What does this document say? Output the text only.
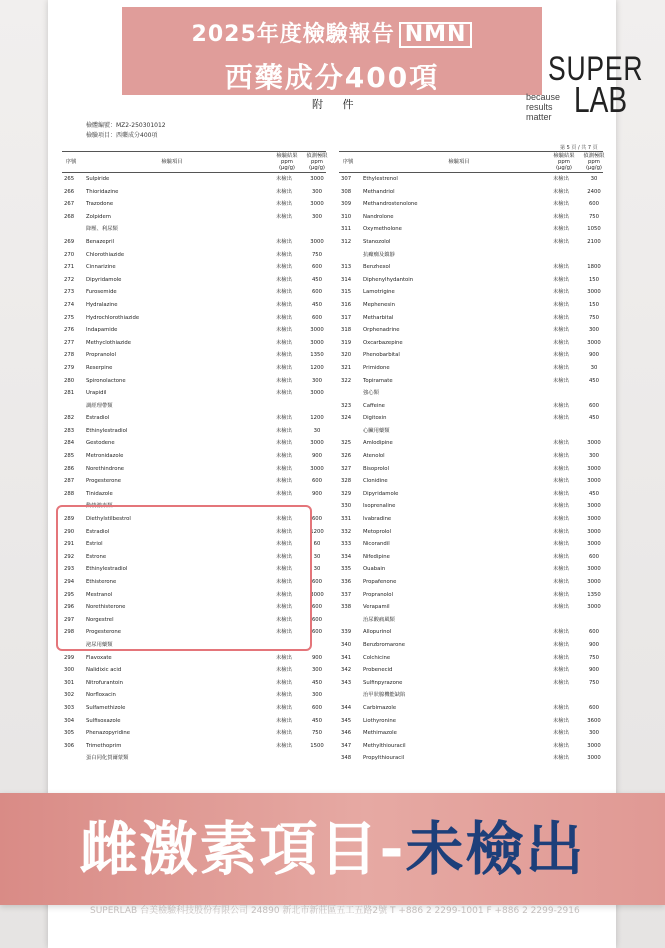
2025年度檢驗報告 NMN
西藥成分400項	SUPER
LAB
because
results
matter
附 件
檢體編號：MZ2-250301012
檢驗項目：西藥成分400項
第 5 頁 / 共 7 頁
序號	檢驗項目
檢驗結果
ppm
(μg/g)
偵測極限
ppm
(μg/g)
265	Sulpiride	未檢出	3000
266	Thioridazine	未檢出	300
267	Trazodone	未檢出	3000
268	Zolpidem	未檢出	300
降壓、利尿類
269	Benazepril	未檢出	3000
270	Chlorothiazide	未檢出	750
271	Cinnarizine	未檢出	600
272	Dipyridamole	未檢出	450
273	Furosemide	未檢出	600
274	Hydralazine	未檢出	450
275	Hydrochlorothiazide	未檢出	600
276	Indapamide	未檢出	3000
277	Methyclothiazide	未檢出	3000
278	Propranolol	未檢出	1350
279	Reserpine	未檢出	1200
280	Spironolactone	未檢出	300
281	Urapidil	未檢出	3000
調經理帶類
282	Estradiol	未檢出	1200
283	Ethinylestradiol	未檢出	30
284	Gestodene	未檢出	3000
285	Metronidazole	未檢出	900
286	Norethindrone	未檢出	3000
287	Progesterone	未檢出	600
288	Tinidazole	未檢出	900
動情激素類
289	Diethylstilbestrol	未檢出	600
290	Estradiol	未檢出	1200
291	Estriol	未檢出	60
292	Estrone	未檢出	30
293	Ethinylestradiol	未檢出	30
294	Ethisterone	未檢出	600
295	Mestranol	未檢出	3000
296	Norethisterone	未檢出	600
297	Norgestrel	未檢出	600
298	Progesterone	未檢出	600
泌尿用藥類
299	Flavoxate	未檢出	900
300	Nalidixic acid	未檢出	300
301	Nitrofurantoin	未檢出	450
302	Norfloxacin	未檢出	300
303	Sulfamethizole	未檢出	600
304	Sulfisoxazole	未檢出	450
305	Phenazopyridine	未檢出	750
306	Trimethoprim	未檢出	1500
蛋白同化賀爾蒙類
序號	檢驗項目
檢驗結果
ppm
(μg/g)
偵測極限
ppm
(μg/g)
307	Ethylestrenol	未檢出	30
308	Methandriol	未檢出	2400
309	Methandrostenolone	未檢出	600
310	Nandrolone	未檢出	750
311	Oxymetholone	未檢出	1050
312	Stanozolol	未檢出	2100
抗癲癇及鎮靜
313	Benzhexol	未檢出	1800
314	Diphenylhydantoin	未檢出	150
315	Lamotrigine	未檢出	3000
316	Mephenesin	未檢出	150
317	Metharbital	未檢出	750
318	Orphenadrine	未檢出	300
319	Oxcarbazepine	未檢出	3000
320	Phenobarbital	未檢出	900
321	Primidone	未檢出	30
322	Topiramate	未檢出	450
強心類
323	Caffeine	未檢出	600
324	Digitoxin	未檢出	450
心臟用藥類
325	Amlodipine	未檢出	3000
326	Atenolol	未檢出	300
327	Bisoprolol	未檢出	3000
328	Clonidine	未檢出	3000
329	Dipyridamole	未檢出	450
330	Isoprenaline	未檢出	3000
331	Ivabradine	未檢出	3000
332	Metoprolol	未檢出	3000
333	Nicorandil	未檢出	3000
334	Nifedipine	未檢出	600
335	Ouabain	未檢出	3000
336	Propafenone	未檢出	3000
337	Propranolol	未檢出	1350
338	Verapamil	未檢出	3000
治尿酸痛風類
339	Allopurinol	未檢出	600
340	Benzbromarone	未檢出	900
341	Colchicine	未檢出	750
342	Probenecid	未檢出	900
343	Sulfinpyrazone	未檢出	750
治甲狀腺機能缺陷
344	Carbimazole	未檢出	600
345	Liothyronine	未檢出	3600
346	Methimazole	未檢出	300
347	Methylthiouracil	未檢出	3000
348	Propylthiouracil	未檢出	3000
SUPERLAB 台美檢驗科技股份有限公司 24890 新北市新莊區五工五路2號 T +886 2 2299-1001 F +886 2 2299-2916
雌激素項目-未檢出
